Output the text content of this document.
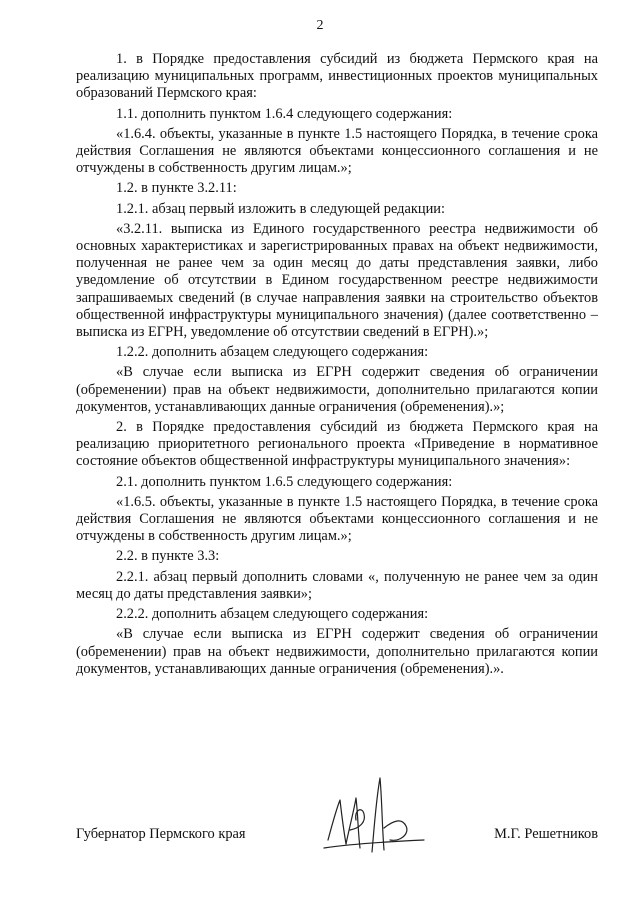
2

1. в Порядке предоставления субсидий из бюджета Пермского края на реализацию муниципальных программ, инвестиционных проектов муниципальных образований Пермского края:

1.1. дополнить пунктом 1.6.4 следующего содержания:

«1.6.4. объекты, указанные в пункте 1.5 настоящего Порядка, в течение срока действия Соглашения не являются объектами концессионного соглашения и не отчуждены в собственность другим лицам.»;

1.2. в пункте 3.2.11:

1.2.1. абзац первый изложить в следующей редакции:

«3.2.11. выписка из Единого государственного реестра недвижимости об основных характеристиках и зарегистрированных правах на объект недвижимости, полученная не ранее чем за один месяц до даты представления заявки, либо уведомление об отсутствии в Едином государственном реестре недвижимости запрашиваемых сведений (в случае направления заявки на строительство объектов общественной инфраструктуры муниципального значения) (далее соответственно – выписка из ЕГРН, уведомление об отсутствии сведений в ЕГРН).»;

1.2.2. дополнить абзацем следующего содержания:

«В случае если выписка из ЕГРН содержит сведения об ограничении (обременении) прав на объект недвижимости, дополнительно прилагаются копии документов, устанавливающих данные ограничения (обременения).»;

2. в Порядке предоставления субсидий из бюджета Пермского края на реализацию приоритетного регионального проекта «Приведение в нормативное состояние объектов общественной инфраструктуры муниципального значения»:

2.1. дополнить пунктом 1.6.5 следующего содержания:

«1.6.5. объекты, указанные в пункте 1.5 настоящего Порядка, в течение срока действия Соглашения не являются объектами концессионного соглашения и не отчуждены в собственность другим лицам.»;

2.2. в пункте 3.3:

2.2.1. абзац первый дополнить словами «, полученную не ранее чем за один месяц до даты представления заявки»;

2.2.2. дополнить абзацем следующего содержания:

«В случае если выписка из ЕГРН содержит сведения об ограничении (обременении) прав на объект недвижимости, дополнительно прилагаются копии документов, устанавливающих данные ограничения (обременения).».

Губернатор Пермского края	М.Г. Решетников
